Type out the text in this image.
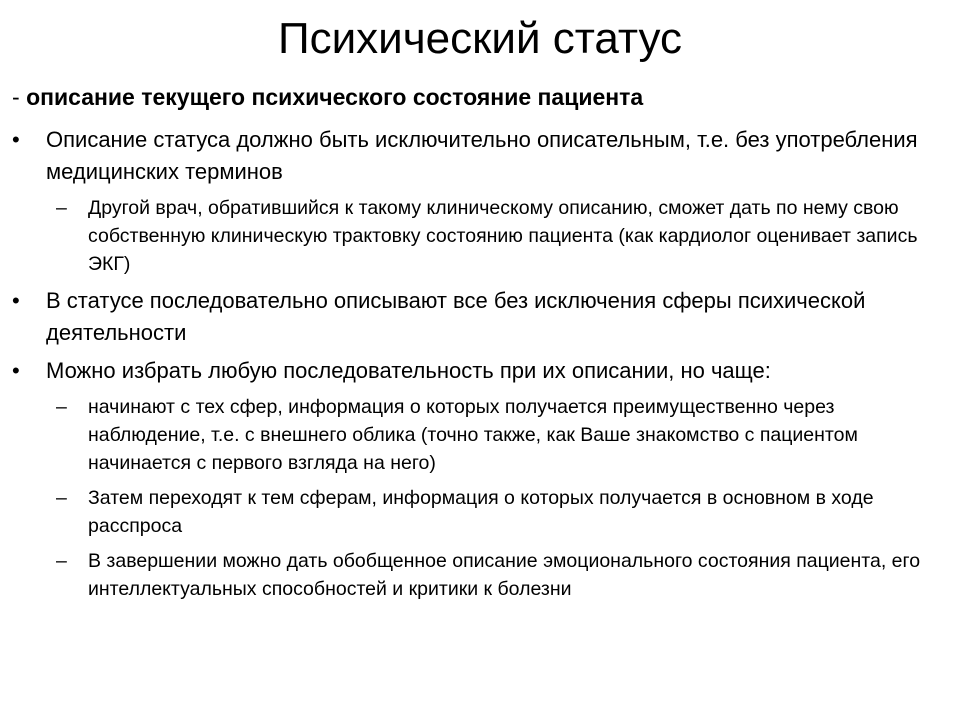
Психический статус
- описание текущего психического состояние пациента
•	Описание статуса должно быть исключительно описательным, т.е. без употребления медицинских терминов
–	Другой врач, обратившийся к такому клиническому описанию, сможет дать по нему свою собственную клиническую трактовку состоянию пациента (как кардиолог оценивает запись ЭКГ)
•	В статусе последовательно описывают все без исключения сферы психической деятельности
•	Можно избрать любую последовательность при их описании, но чаще:
–	начинают с тех сфер, информация о которых получается преимущественно через наблюдение, т.е. с внешнего облика (точно также, как Ваше знакомство с пациентом начинается с первого взгляда на него)
–	Затем переходят к тем сферам, информация о которых получается в основном в ходе расспроса
–	В завершении можно дать обобщенное описание эмоционального состояния пациента, его интеллектуальных способностей и критики к болезни
